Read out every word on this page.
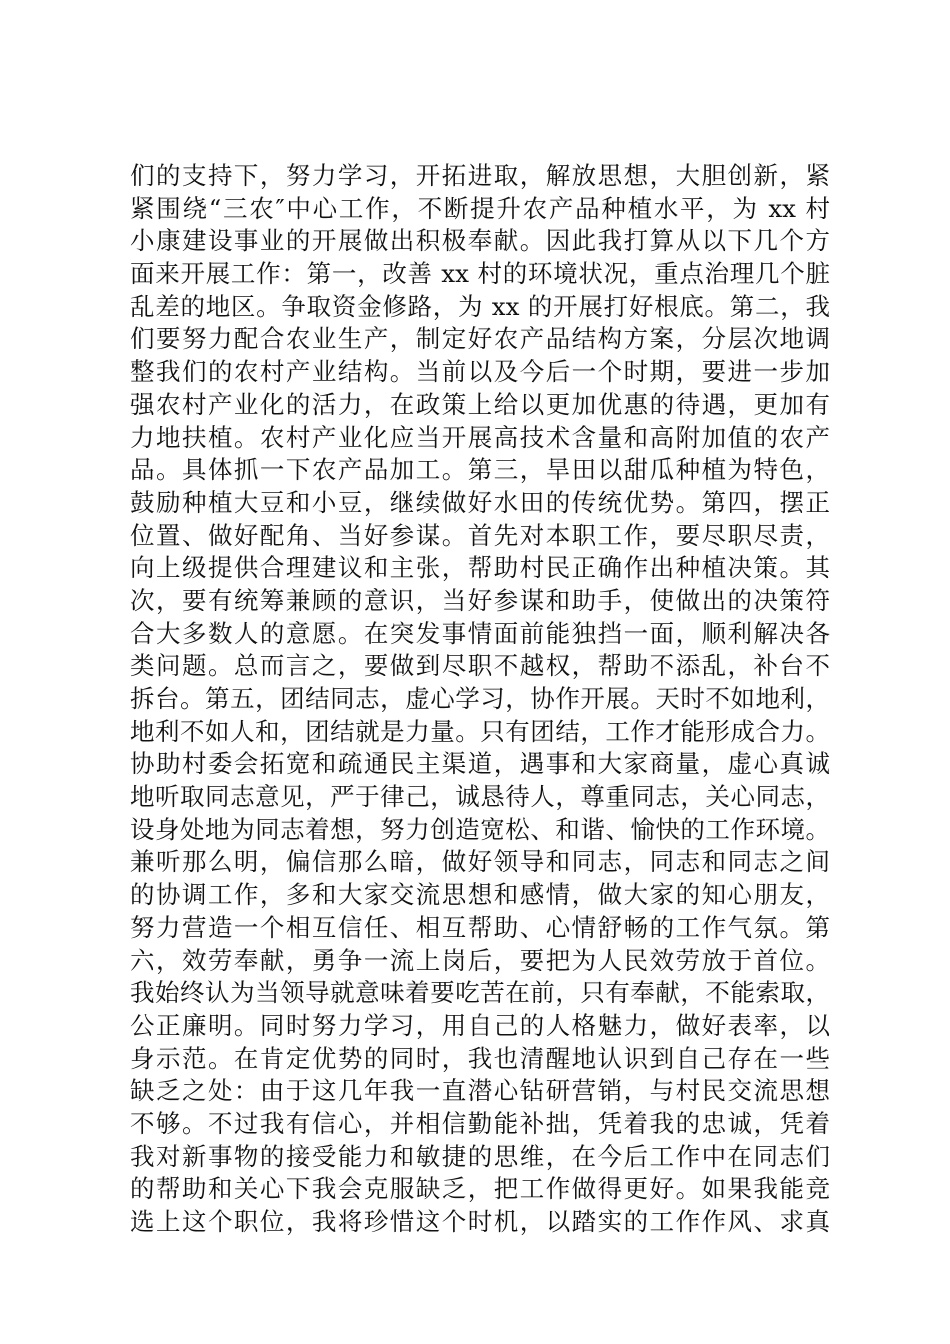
们的支持下，努力学习，开拓进取，解放思想，大胆创新，紧
紧围绕“三农″中心工作，不断提升农产品种植水平，为 xx 村
小康建设事业的开展做出积极奉献。因此我打算从以下几个方
面来开展工作：第一，改善 xx 村的环境状况，重点治理几个脏
乱差的地区。争取资金修路，为 xx 的开展打好根底。第二，我
们要努力配合农业生产，制定好农产品结构方案，分层次地调
整我们的农村产业结构。当前以及今后一个时期，要进一步加
强农村产业化的活力，在政策上给以更加优惠的待遇，更加有
力地扶植。农村产业化应当开展高技术含量和高附加值的农产
品。具体抓一下农产品加工。第三，旱田以甜瓜种植为特色，
鼓励种植大豆和小豆，继续做好水田的传统优势。第四，摆正
位置、做好配角、当好参谋。首先对本职工作，要尽职尽责，
向上级提供合理建议和主张，帮助村民正确作出种植决策。其
次，要有统筹兼顾的意识，当好参谋和助手，使做出的决策符
合大多数人的意愿。在突发事情面前能独挡一面，顺利解决各
类问题。总而言之，要做到尽职不越权，帮助不添乱，补台不
拆台。第五，团结同志，虚心学习，协作开展。天时不如地利，
地利不如人和，团结就是力量。只有团结，工作才能形成合力。
协助村委会拓宽和疏通民主渠道，遇事和大家商量，虚心真诚
地听取同志意见，严于律己，诚恳待人，尊重同志，关心同志，
设身处地为同志着想，努力创造宽松、和谐、愉快的工作环境。
兼听那么明，偏信那么暗，做好领导和同志，同志和同志之间
的协调工作，多和大家交流思想和感情，做大家的知心朋友，
努力营造一个相互信任、相互帮助、心情舒畅的工作气氛。第
六，效劳奉献，勇争一流上岗后，要把为人民效劳放于首位。
我始终认为当领导就意味着要吃苦在前，只有奉献，不能索取，
公正廉明。同时努力学习，用自己的人格魅力，做好表率，以
身示范。在肯定优势的同时，我也清醒地认识到自己存在一些
缺乏之处：由于这几年我一直潜心钻研营销，与村民交流思想
不够。不过我有信心，并相信勤能补拙，凭着我的忠诚，凭着
我对新事物的接受能力和敏捷的思维，在今后工作中在同志们
的帮助和关心下我会克服缺乏，把工作做得更好。如果我能竞
选上这个职位，我将珍惜这个时机，以踏实的工作作风、求真
